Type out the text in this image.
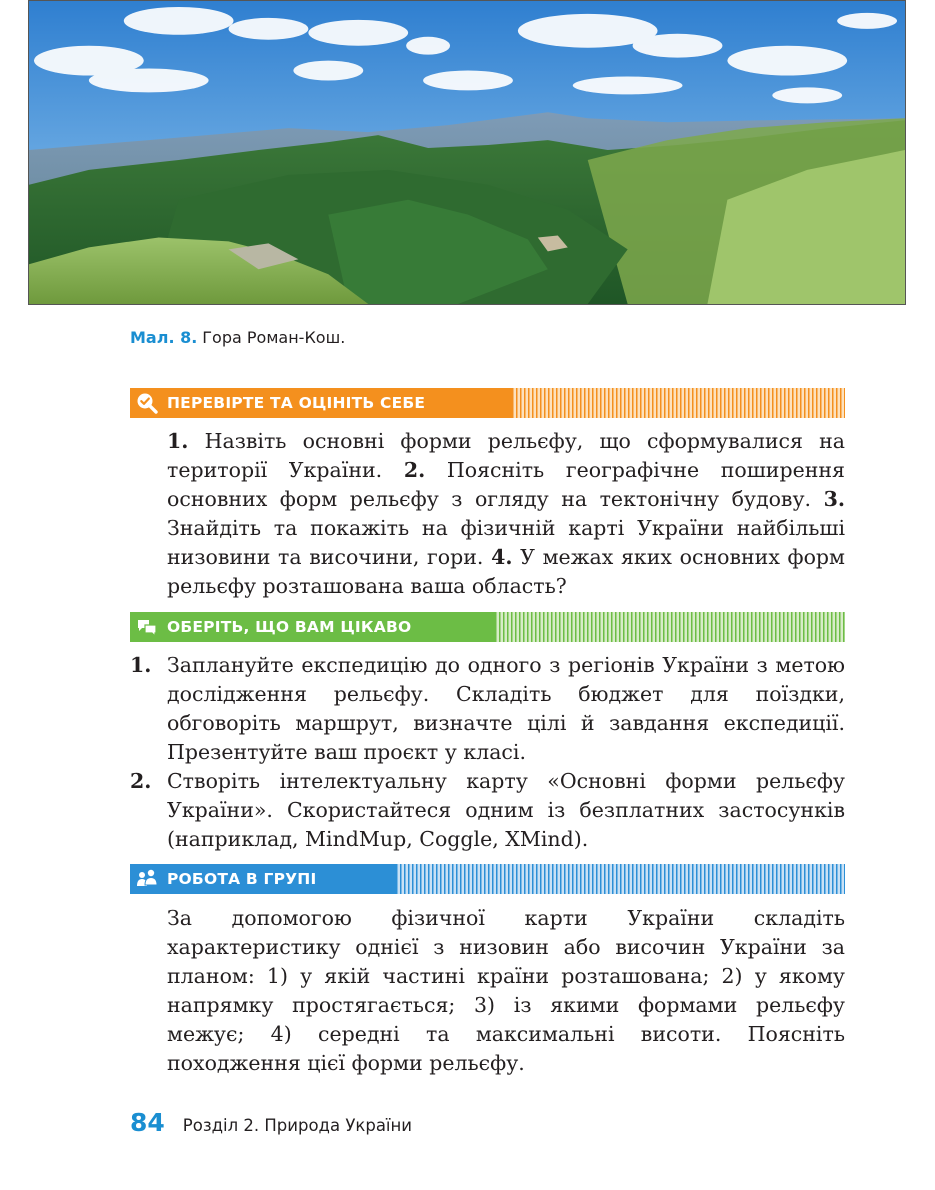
Мал. 8. Гора Роман-Кош.
ПЕРЕВІРТЕ ТА ОЦІНІТЬ СЕБЕ

1. Назвіть основні форми рельєфу, що сформувалися на території України. 2. Поясніть географічне поширення основних форм рельєфу з огляду на тектонічну будову. 3. Знайдіть та покажіть на фізичній карті України найбільші низовини та височини, гори. 4. У межах яких основних форм рельєфу розташована ваша область?

ОБЕРІТЬ, ЩО ВАМ ЦІКАВО
1. Заплануйте експедицію до одного з регіонів України з метою дослідження рельєфу. Складіть бюджет для поїздки, обговоріть маршрут, визначте цілі й завдання експедиції. Презентуйте ваш проєкт у класі.
2. Створіть інтелектуальну карту «Основні форми рельєфу України». Скористайтеся одним із безплатних застосунків (наприклад, MindMup, Coggle, XMind).
РОБОТА В ГРУПІ

За допомогою фізичної карти України складіть характеристику однієї з низовин або височин України за планом: 1) у якій частині країни розташована; 2) у якому напрямку простягається; 3) із якими формами рельєфу межує; 4) середні та максимальні висоти. Поясніть походження цієї форми рельєфу.

84 Розділ 2. Природа України
